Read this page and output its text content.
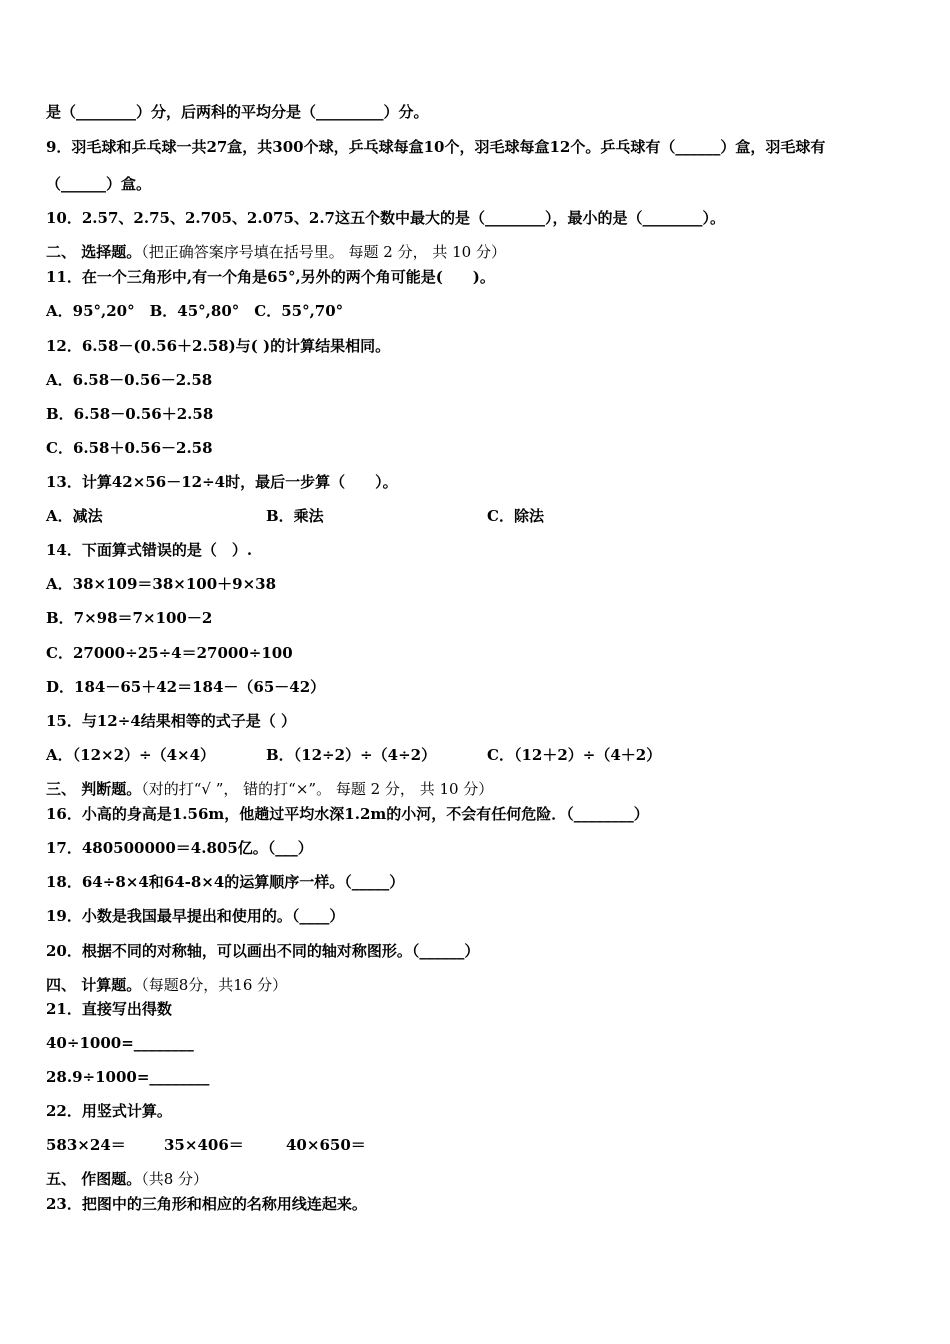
是（________）分，后两科的平均分是（_________）分。
9．羽毛球和乒乓球一共27盒，共300个球，乒乓球每盒10个，羽毛球每盒12个。乒乓球有（______）盒，羽毛球有
（______）盒。
10．2.57、2.75、2.705、2.075、2.7这五个数中最大的是（________），最小的是（________）。
二、 选择题。（把正确答案序号填在括号里。 每题 2 分， 共 10 分）
11．在一个三角形中,有一个角是65°,另外的两个角可能是(　　)。
A．95°,20°　B．45°,80°　C．55°,70°
12．6.58－(0.56＋2.58)与( )的计算结果相同。
A．6.58－0.56－2.58
B．6.58－0.56＋2.58
C．6.58＋0.56－2.58
13．计算42×56－12÷4时，最后一步算（　　）。
A．减法	B．乘法	C．除法
14．下面算式错误的是（　）.
A．38×109＝38×100＋9×38
B．7×98＝7×100－2
C．27000÷25÷4＝27000÷100
D．184－65＋42＝184－（65－42）
15．与12÷4结果相等的式子是（ ）
A．（12×2）÷（4×4）	B．（12÷2）÷（4÷2）	C．（12＋2）÷（4＋2）
三、 判断题。（对的打“√ ”， 错的打“×”。 每题 2 分， 共 10 分）
16．小高的身高是1.56m，他趟过平均水深1.2m的小河，不会有任何危险．（________）
17．480500000＝4.805亿。（___）
18．64÷8×4和64-8×4的运算顺序一样。（_____）
19．小数是我国最早提出和使用的。（____）
20．根据不同的对称轴，可以画出不同的轴对称图形。（______）
四、 计算题。（每题8分，共16 分）
21．直接写出得数
40÷1000=________
28.9÷1000=________
22．用竖式计算。
583×24＝	35×406＝	40×650＝
五、 作图题。（共8 分）
23．把图中的三角形和相应的名称用线连起来。
